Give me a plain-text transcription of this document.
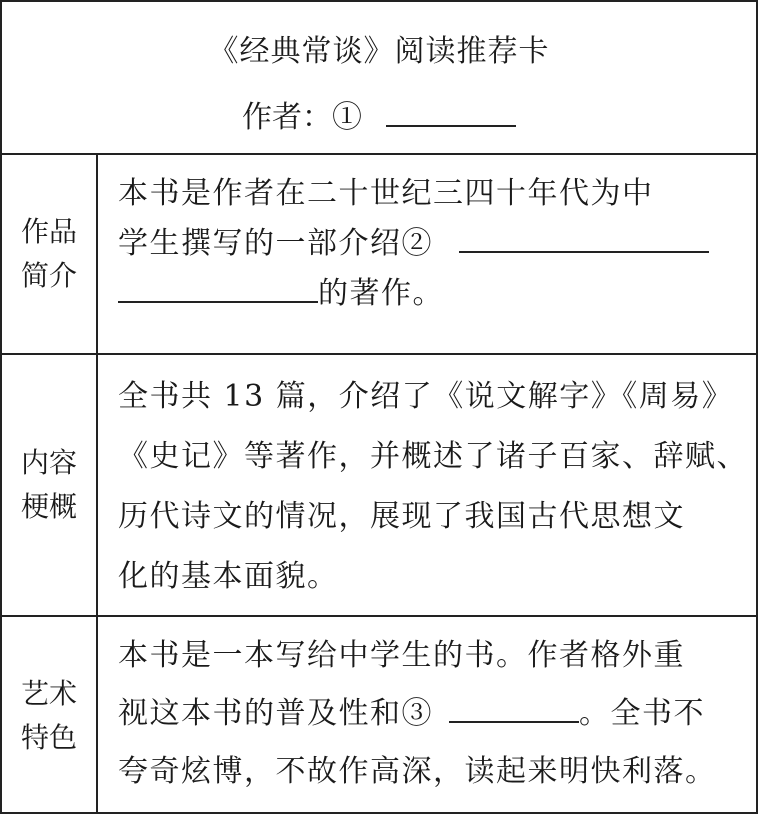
《经典常谈》阅读推荐卡
作者：①
作品
简介
本书是作者在二十世纪三四十年代为中
学生撰写的一部介绍②
的著作。
内容
梗概
全书共 13 篇，介绍了《说文解字》《周易》
《史记》等著作，并概述了诸子百家、辞赋、
历代诗文的情况，展现了我国古代思想文
化的基本面貌。
艺术
特色
本书是一本写给中学生的书。作者格外重
视这本书的普及性和③	。全书不
夸奇炫博，不故作高深，读起来明快利落。
